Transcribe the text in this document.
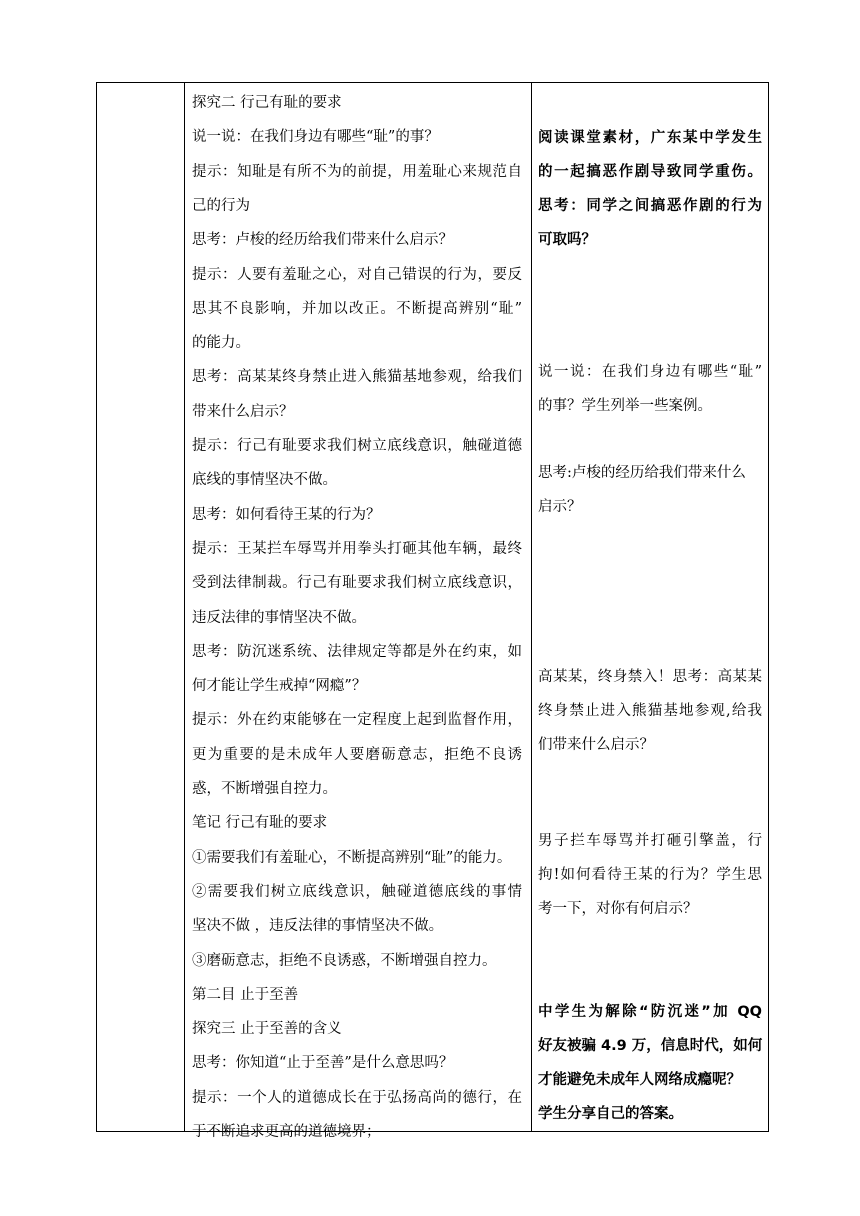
探究二 行己有耻的要求
说一说：在我们身边有哪些“耻”的事？
提示：知耻是有所不为的前提，用羞耻心来规范自
己的行为
思考：卢梭的经历给我们带来什么启示？
提示：人要有羞耻之心，对自己错误的行为，要反
思其不良影响，并加以改正。不断提高辨别“耻”
的能力。
思考：高某某终身禁止进入熊猫基地参观，给我们
带来什么启示？
提示：行己有耻要求我们树立底线意识，触碰道德
底线的事情坚决不做。
思考：如何看待王某的行为？
提示：王某拦车辱骂并用拳头打砸其他车辆，最终
受到法律制裁。行己有耻要求我们树立底线意识，
违反法律的事情坚决不做。
思考：防沉迷系统、法律规定等都是外在约束，如
何才能让学生戒掉“网瘾”？
提示：外在约束能够在一定程度上起到监督作用，
更为重要的是未成年人要磨砺意志，拒绝不良诱
惑，不断增强自控力。
笔记 行己有耻的要求
①需要我们有羞耻心，不断提高辨别“耻”的能力。
②需要我们树立底线意识，触碰道德底线的事情
坚决不做 ，违反法律的事情坚决不做。
③磨砺意志，拒绝不良诱惑，不断增强自控力。
第二目 止于至善
探究三 止于至善的含义
思考：你知道“止于至善”是什么意思吗？
提示：一个人的道德成长在于弘扬高尚的德行，在
于不断追求更高的道德境界；
阅读课堂素材，广东某中学发生
的一起搞恶作剧导致同学重伤。
思考：同学之间搞恶作剧的行为
可取吗？
说一说：在我们身边有哪些“耻”
的事？学生列举一些案例。
思考:卢梭的经历给我们带来什么
启示？
高某某，终身禁入！思考：高某某
终身禁止进入熊猫基地参观,给我
们带来什么启示？
男子拦车辱骂并打砸引擎盖，行
拘!如何看待王某的行为？学生思
考一下，对你有何启示？
中学生为解除“防沉迷”加 QQ
好友被骗 4.9 万，信息时代，如何
才能避免未成年人网络成瘾呢？
学生分享自己的答案。
